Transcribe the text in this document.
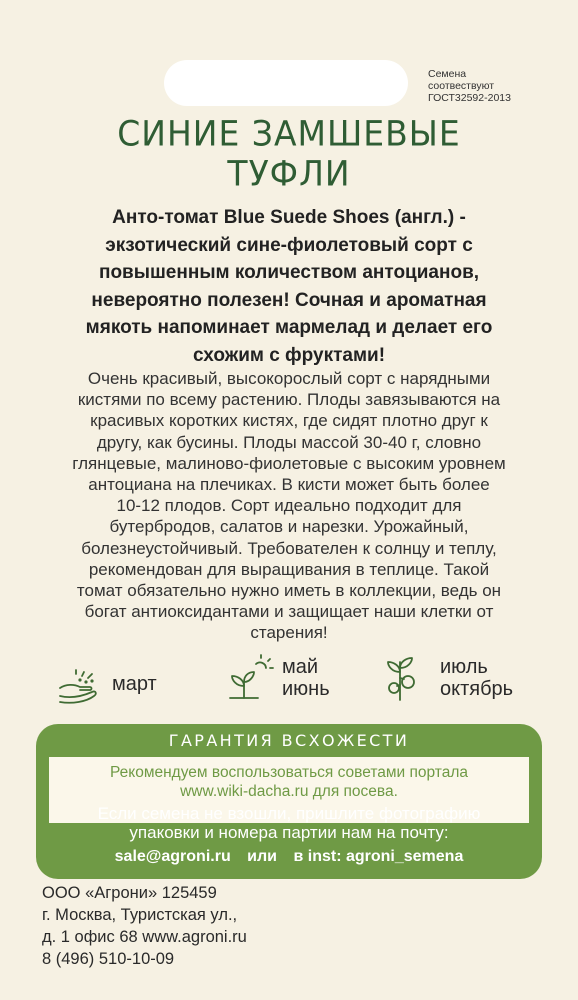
Семена
соотвествуют
ГОСТ32592-2013
СИНИЕ ЗАМШЕВЫЕ
ТУФЛИ
Анто-томат Blue Suede Shoes (англ.) -
экзотический сине-фиолетовый сорт с
повышенным количеством антоцианов,
невероятно полезен! Сочная и ароматная
мякоть напоминает мармелад и делает его
схожим с фруктами!
Очень красивый, высокорослый сорт с нарядными
кистями по всему растению. Плоды завязываются на
красивых коротких кистях, где сидят плотно друг к
другу, как бусины. Плоды массой 30-40 г, словно
глянцевые, малиново-фиолетовые с высоким уровнем
антоциана на плечиках. В кисти может быть более
10-12 плодов. Сорт идеально подходит для
бутербродов, салатов и нарезки. Урожайный,
болезнеустойчивый. Требователен к солнцу и теплу,
рекомендован для выращивания в теплице. Такой
томат обязательно нужно иметь в коллекции, ведь он
богат антиоксидантами и защищает наши клетки от
старения!
март
май
июнь
июль
октябрь
ГАРАНТИЯ ВСХОЖЕСТИ
Рекомендуем воспользоваться советами портала
www.wiki-dacha.ru для посева.
Если семена не взошли, пришлите фотографию
упаковки и номера партии нам на почту:
sale@agroni.ru или в inst: agroni_semena
ООО «Агрони» 125459
г. Москва, Туристская ул.,
д. 1 офис 68 www.agroni.ru
8 (496) 510-10-09
